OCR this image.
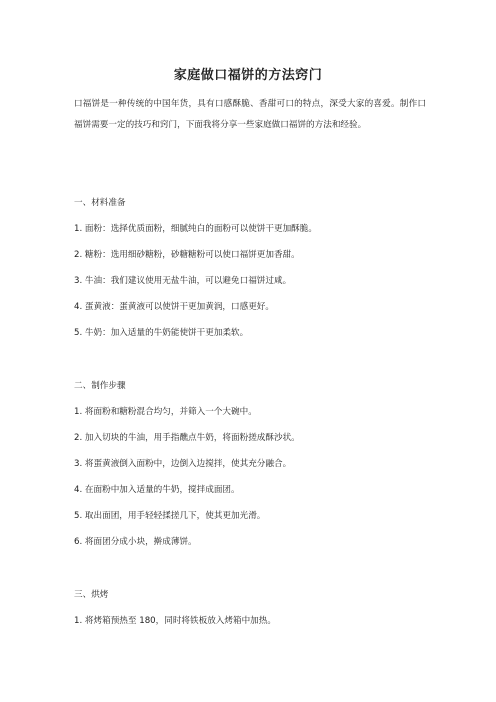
家庭做口福饼的方法窍门
口福饼是一种传统的中国年货，具有口感酥脆、香甜可口的特点，深受大家的喜爱。制作口福饼需要一定的技巧和窍门，下面我将分享一些家庭做口福饼的方法和经验。
一、材料准备
1. 面粉：选择优质面粉，细腻纯白的面粉可以使饼干更加酥脆。
2. 糖粉：选用细砂糖粉，砂糖糖粉可以使口福饼更加香甜。
3. 牛油：我们建议使用无盐牛油，可以避免口福饼过咸。
4. 蛋黄液：蛋黄液可以使饼干更加黄润，口感更好。
5. 牛奶：加入适量的牛奶能使饼干更加柔软。
二、制作步骤
1. 将面粉和糖粉混合均匀，并筛入一个大碗中。
2. 加入切块的牛油，用手指醮点牛奶，将面粉搓成酥沙状。
3. 将蛋黄液倒入面粉中，边倒入边搅拌，使其充分融合。
4. 在面粉中加入适量的牛奶，搅拌成面团。
5. 取出面团，用手轻轻揉搓几下，使其更加光滑。
6. 将面团分成小块，擀成薄饼。
三、烘烤
1. 将烤箱预热至 180，同时将铁板放入烤箱中加热。
